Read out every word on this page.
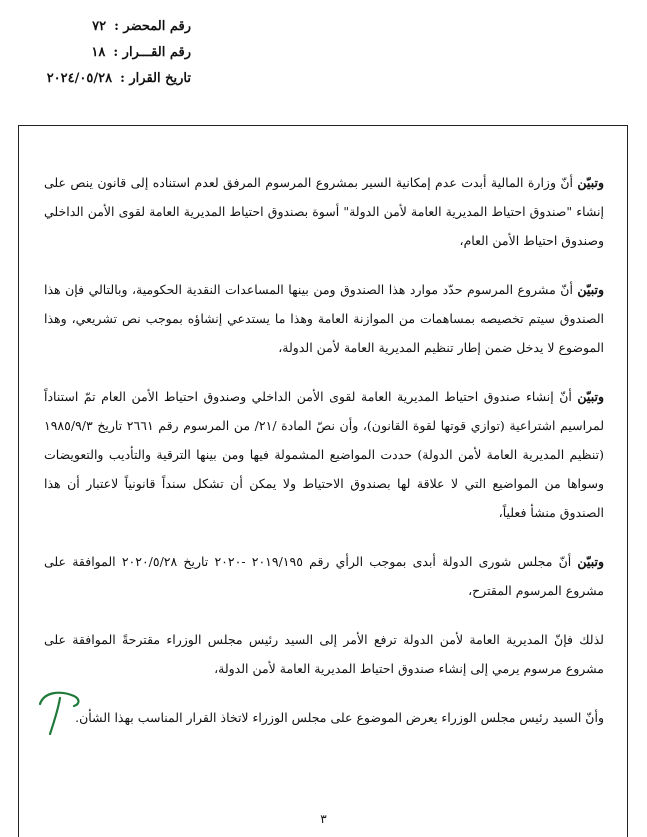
رقم المحضر :
٧٢
رقم القـــرار :
١٨
تاريخ القرار :
٢٠٢٤/٠٥/٢٨

وتبيّن أنّ وزارة المالية أبدت عدم إمكانية السير بمشروع المرسوم المرفق لعدم استناده إلى قانون ينص على إنشاء "صندوق احتياط المديرية العامة لأمن الدولة" أسوة بصندوق احتياط المديرية العامة لقوى الأمن الداخلي وصندوق احتياط الأمن العام،

وتبيّن أنّ مشروع المرسوم حدّد موارد هذا الصندوق ومن بينها المساعدات النقدية الحكومية، وبالتالي فإن هذا الصندوق سيتم تخصيصه بمساهمات من الموازنة العامة وهذا ما يستدعي إنشاؤه بموجب نص تشريعي، وهذا الموضوع لا يدخل ضمن إطار تنظيم المديرية العامة لأمن الدولة،

وتبيّن أنّ إنشاء صندوق احتياط المديرية العامة لقوى الأمن الداخلي وصندوق احتياط الأمن العام تمّ استناداً لمراسيم اشتراعية (توازي قوتها لقوة القانون)، وأن نصّ المادة /٢١/ من المرسوم رقم ٢٦٦١ تاريخ ١٩٨٥/٩/٣ (تنظيم المديرية العامة لأمن الدولة) حددت المواضيع المشمولة فيها ومن بينها الترقية والتأديب والتعويضات وسواها من المواضيع التي لا علاقة لها بصندوق الاحتياط ولا يمكن أن تشكل سنداً قانونياً لاعتبار أن هذا الصندوق منشأ فعلياً،

وتبيّن أنّ مجلس شورى الدولة أبدى بموجب الرأي رقم ٢٠١٩/١٩٥ -٢٠٢٠ تاريخ ٢٠٢٠/٥/٢٨ الموافقة على مشروع المرسوم المقترح،

لذلك فإنّ المديرية العامة لأمن الدولة ترفع الأمر إلى السيد رئيس مجلس الوزراء مقترحةً الموافقة على مشروع مرسوم يرمي إلى إنشاء صندوق احتياط المديرية العامة لأمن الدولة،

وأنّ السيد رئيس مجلس الوزراء يعرض الموضوع على مجلس الوزراء لاتخاذ القرار المناسب بهذا الشأن.

٣
